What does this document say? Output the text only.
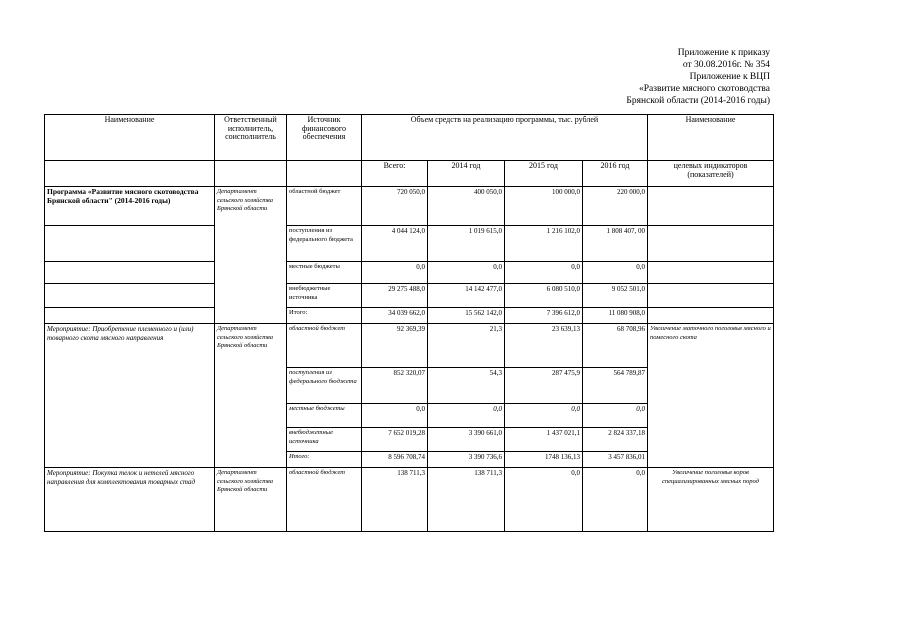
Приложение к приказу
от 30.08.2016г. № 354
Приложение к ВЦП
«Развитие мясного скотоводства
Брянской области (2014-2016 годы)
Наименование	Ответственный исполнитель, соисполнитель	Источник финансового обеспечения	Объем средств на реализацию программы, тыс. рублей				Наименование
			Всего:	2014 год	2015 год	2016 год	целевых индикаторов (показателей)
Программа «Развитие мясного скотоводства Брянской области" (2014-2016 годы)	Департамент сельского хозяйства Брянской области	областной бюджет	720 050,0	400 050,0	100 000,0	220 000,0	
		поступления из федерального бюджета	4 044 124,0	1 019 615,0	1 216 102,0	1 808 407, 00	
		местные бюджеты	0,0	0,0	0,0	0,0	
		внебюджетные источника	29 275 488,0	14 142 477,0	6 080 510,0	9 052 501,0	
		Итого:	34 039 662,0	15 562 142,0	7 396 612,0	11 080 908,0	
Мероприятие: Приобретение племенного и (или) товарного скота мясного направления	Департамент сельского хозяйства Брянской области	областной бюджет	92 369,39	21,3	23 639,13	68 708,96	Увеличение маточного поголовья мясного и помесного скота
		поступления из федерального бюджета	852 320,07	54,3	287 475,9	564 789,87	
		местные бюджеты	0,0	0,0	0,0	0,0	
		внебюджетные источника	7 652 019,28	3 390 661,0	1 437 021,1	2 824 337,18	
		Итого:	8 596 708,74	3 390 736,6	1748 136,13	3 457 836,01	
Мероприятие: Покупка телок и нетелей мясного направления для комплектования товарных стад	Департамент сельского хозяйства Брянской области	областной бюджет	138 711,3	138 711,3	0,0	0,0	Увеличение поголовья коров специализированных мясных пород
